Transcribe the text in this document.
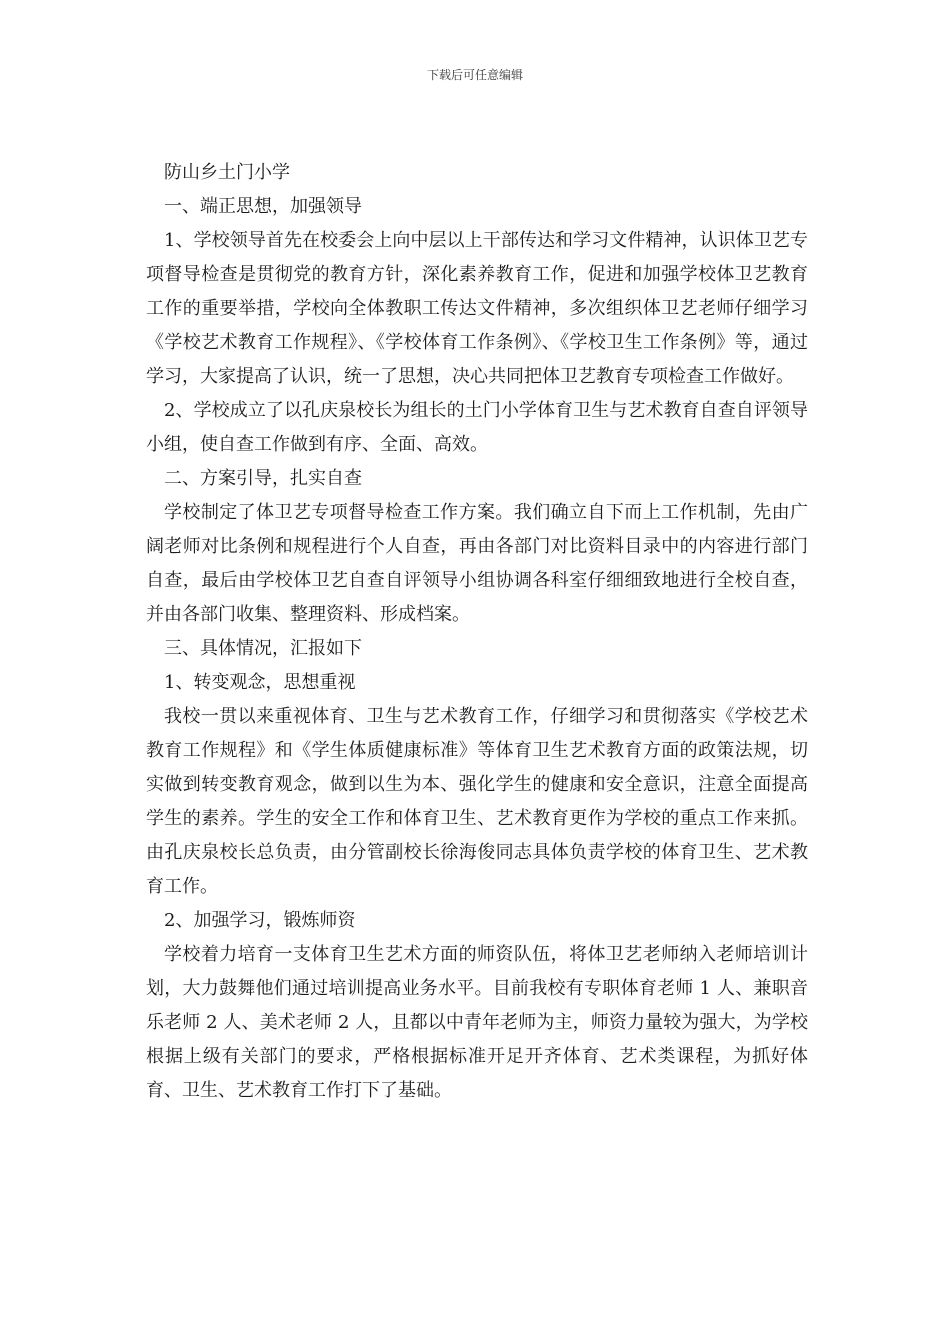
下载后可任意编辑

防山乡土门小学

一、端正思想，加强领导

1、学校领导首先在校委会上向中层以上干部传达和学习文件精神，认识体卫艺专项督导检查是贯彻党的教育方针，深化素养教育工作，促进和加强学校体卫艺教育工作的重要举措，学校向全体教职工传达文件精神，多次组织体卫艺老师仔细学习《学校艺术教育工作规程》、《学校体育工作条例》、《学校卫生工作条例》等，通过学习，大家提高了认识，统一了思想，决心共同把体卫艺教育专项检查工作做好。

2、学校成立了以孔庆泉校长为组长的土门小学体育卫生与艺术教育自查自评领导小组，使自查工作做到有序、全面、高效。

二、方案引导，扎实自查

学校制定了体卫艺专项督导检查工作方案。我们确立自下而上工作机制，先由广阔老师对比条例和规程进行个人自查，再由各部门对比资料目录中的内容进行部门自查，最后由学校体卫艺自查自评领导小组协调各科室仔细细致地进行全校自查，并由各部门收集、整理资料、形成档案。

三、具体情况，汇报如下

1、转变观念，思想重视

我校一贯以来重视体育、卫生与艺术教育工作，仔细学习和贯彻落实《学校艺术教育工作规程》和《学生体质健康标准》等体育卫生艺术教育方面的政策法规，切实做到转变教育观念，做到以生为本、强化学生的健康和安全意识，注意全面提高学生的素养。学生的安全工作和体育卫生、艺术教育更作为学校的重点工作来抓。由孔庆泉校长总负责，由分管副校长徐海俊同志具体负责学校的体育卫生、艺术教育工作。

2、加强学习，锻炼师资

学校着力培育一支体育卫生艺术方面的师资队伍，将体卫艺老师纳入老师培训计划，大力鼓舞他们通过培训提高业务水平。目前我校有专职体育老师 1 人、兼职音乐老师 2 人、美术老师 2 人，且都以中青年老师为主，师资力量较为强大，为学校根据上级有关部门的要求，严格根据标准开足开齐体育、艺术类课程，为抓好体育、卫生、艺术教育工作打下了基础。
